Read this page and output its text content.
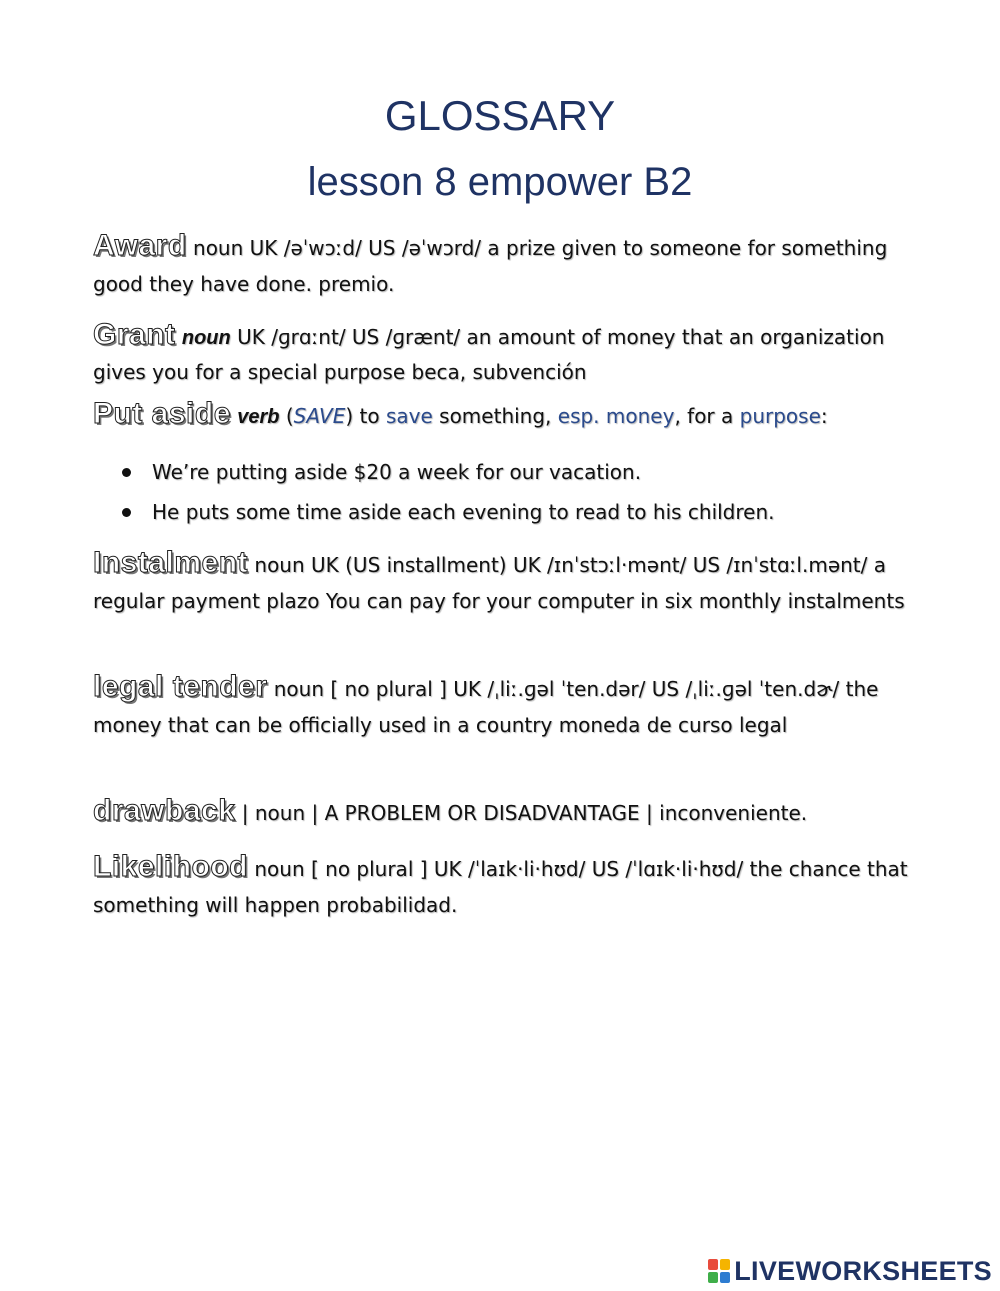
GLOSSARY
lesson 8 empower B2
Award noun UK /əˈwɔːd/ US /əˈwɔrd/ a prize given to someone for something good they have done. premio.
Grant noun UK /ɡrɑːnt/ US /ɡrænt/ an amount of money that an organization gives you for a special purpose beca, subvención
Put aside verb (SAVE) to save something, esp. money, for a purpose:
We’re putting aside $20 a week for our vacation.
He puts some time aside each evening to read to his children.
Instalment noun UK (US installment) UK /ɪnˈstɔːl·mənt/ US /ɪnˈstɑːl.mənt/ a regular payment plazo You can pay for your computer in six monthly instalments
legal tender noun [ no plural ] UK /ˌliː.ɡəl ˈten.dər/ US /ˌliː.ɡəl ˈten.dɚ/ the money that can be officially used in a country moneda de curso legal
drawback | noun | A PROBLEM OR DISADVANTAGE | inconveniente.
Likelihood noun [ no plural ] UK /ˈlaɪk·li·hʊd/ US /ˈlɑɪk·li·hʊd/ the chance that something will happen probabilidad.
LIVEWORKSHEETS
